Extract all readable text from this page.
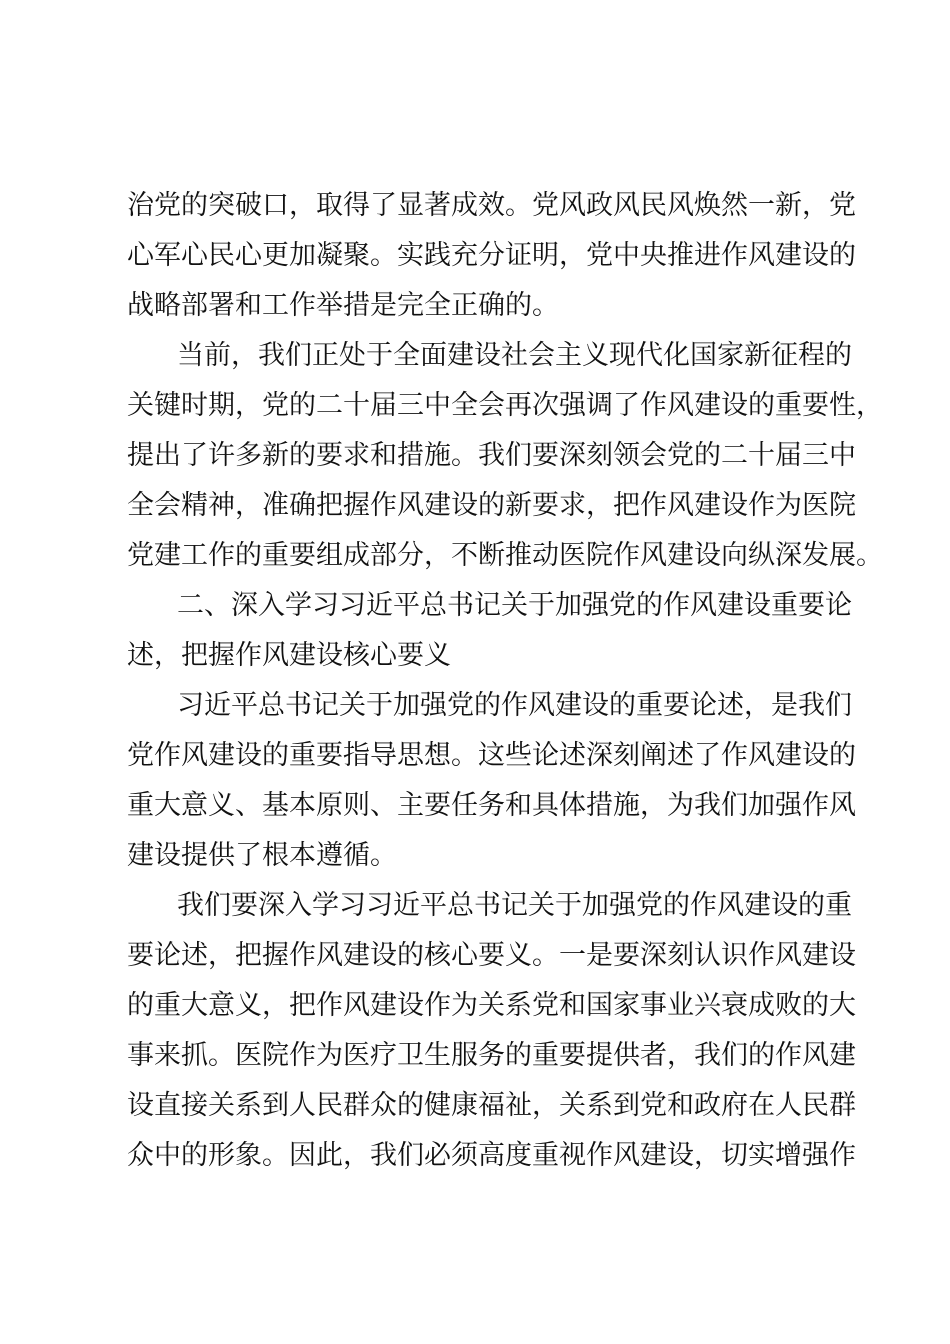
治党的突破口，取得了显著成效。党风政风民风焕然一新，党
心军心民心更加凝聚。实践充分证明，党中央推进作风建设的
战略部署和工作举措是完全正确的。
当前，我们正处于全面建设社会主义现代化国家新征程的
关键时期，党的二十届三中全会再次强调了作风建设的重要性，
提出了许多新的要求和措施。我们要深刻领会党的二十届三中
全会精神，准确把握作风建设的新要求，把作风建设作为医院
党建工作的重要组成部分，不断推动医院作风建设向纵深发展。
二、深入学习习近平总书记关于加强党的作风建设重要论
述，把握作风建设核心要义
习近平总书记关于加强党的作风建设的重要论述，是我们
党作风建设的重要指导思想。这些论述深刻阐述了作风建设的
重大意义、基本原则、主要任务和具体措施，为我们加强作风
建设提供了根本遵循。
我们要深入学习习近平总书记关于加强党的作风建设的重
要论述，把握作风建设的核心要义。一是要深刻认识作风建设
的重大意义，把作风建设作为关系党和国家事业兴衰成败的大
事来抓。医院作为医疗卫生服务的重要提供者，我们的作风建
设直接关系到人民群众的健康福祉，关系到党和政府在人民群
众中的形象。因此，我们必须高度重视作风建设，切实增强作
